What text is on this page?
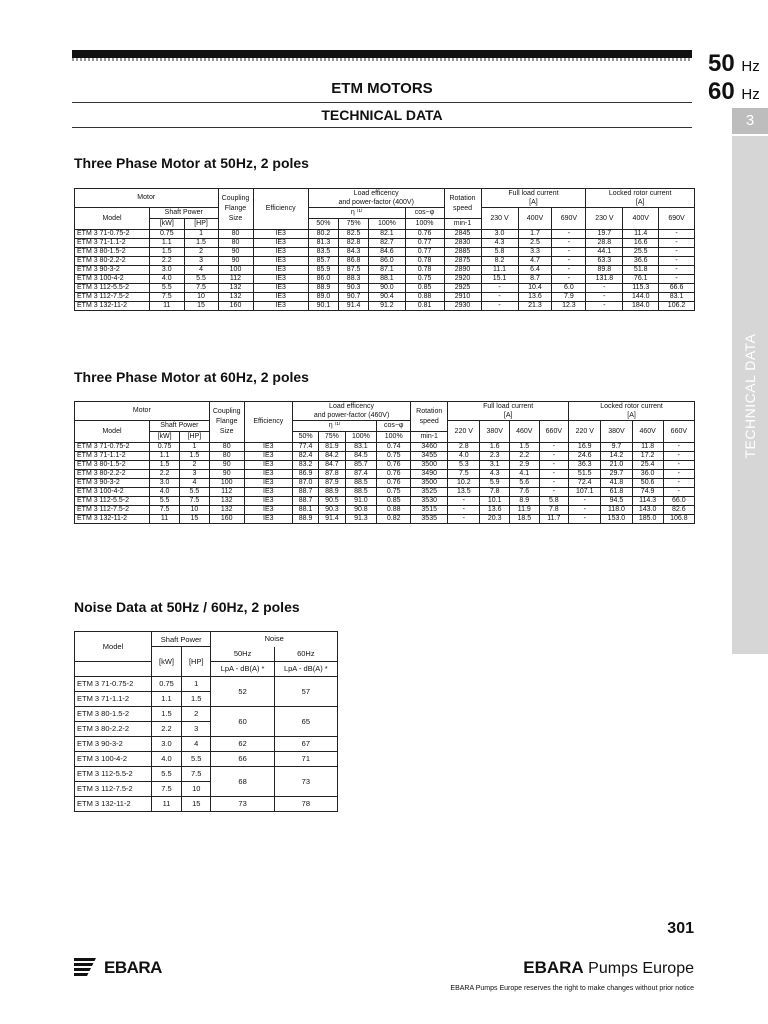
50 Hz
60 Hz
3
TECHNICAL DATA
ETM MOTORS
TECHNICAL DATA
Three Phase Motor at 50Hz, 2 poles
Motor			Coupling Flange Size	Efficiency	Load efficency
and power-factor (400V)				Rotation speed	Full load current
[A]			Locked rotor current
[A]		
Model	Shaft Power				η ⁽¹⁾			cos−φ		230 V	400V	690V	230 V	400V	690V
	[kW]	[HP]			50%	75%	100%	100%	min-1						
ETM 3 71-0.75-2	0.75	1	80	IE3	80.2	82.5	82.1	0.76	2845	3.0	1.7	-	19.7	11.4	-
ETM 3 71-1.1-2	1.1	1.5	80	IE3	81.3	82.8	82.7	0.77	2830	4.3	2.5	-	28.8	16.6	-
ETM 3 80-1.5-2	1.5	2	90	IE3	83.5	84.3	84.6	0.77	2885	5.8	3.3	-	44.1	25.5	-
ETM 3 80-2.2-2	2.2	3	90	IE3	85.7	86.8	86.0	0.78	2875	8.2	4.7	-	63.3	36.6	-
ETM 3 90-3-2	3.0	4	100	IE3	85.9	87.5	87.1	0.78	2890	11.1	6.4	-	89.8	51.8	-
ETM 3 100-4-2	4.0	5.5	112	IE3	86.0	88.3	88.1	0.75	2920	15.1	8.7	-	131.8	76.1	-
ETM 3 112-5.5-2	5.5	7.5	132	IE3	88.9	90.3	90.0	0.85	2925	-	10.4	6.0	-	115.3	66.6
ETM 3 112-7.5-2	7.5	10	132	IE3	89.0	90.7	90.4	0.88	2910	-	13.6	7.9	-	144.0	83.1
ETM 3 132-11-2	11	15	160	IE3	90.1	91.4	91.2	0.81	2930	-	21.3	12.3	-	184.0	106.2
Three Phase Motor at 60Hz, 2 poles
Motor			Coupling Flange Size	Efficiency	Load efficency
and power-factor (460V)				Rotation speed	Full load current
[A]				Locked rotor current
[A]			
Model	Shaft Power				η ⁽¹⁾			cos−φ		220 V	380V	460V	660V	220 V	380V	460V	660V
	[kW]	[HP]			50%	75%	100%	100%	min-1								
ETM 3 71-0.75-2	0.75	1	80	IE3	77.4	81.9	83.1	0.74	3460	2.8	1.6	1.5	-	16.9	9.7	11.8	-
ETM 3 71-1.1-2	1.1	1.5	80	IE3	82.4	84.2	84.5	0.75	3455	4.0	2.3	2.2	-	24.6	14.2	17.2	-
ETM 3 80-1.5-2	1.5	2	90	IE3	83.2	84.7	85.7	0.76	3500	5.3	3.1	2.9	-	36.3	21.0	25.4	-
ETM 3 80-2.2-2	2.2	3	90	IE3	86.9	87.8	87.4	0.76	3490	7.5	4.3	4.1	-	51.5	29.7	36.0	-
ETM 3 90-3-2	3.0	4	100	IE3	87.0	87.9	88.5	0.76	3500	10.2	5.9	5.6	-	72.4	41.8	50.6	-
ETM 3 100-4-2	4.0	5.5	112	IE3	88.7	88.9	88.5	0.75	3525	13.5	7.8	7.6	-	107.1	61.8	74.9	-
ETM 3 112-5.5-2	5.5	7.5	132	IE3	88.7	90.5	91.0	0.85	3530	-	10.1	8.9	5.8	-	94.5	114.3	66.0
ETM 3 112-7.5-2	7.5	10	132	IE3	88.1	90.3	90.8	0.88	3515	-	13.6	11.9	7.8	-	118.0	143.0	82.6
ETM 3 132-11-2	11	15	160	IE3	88.9	91.4	91.3	0.82	3535	-	20.3	18.5	11.7	-	153.0	185.0	106.8
Noise Data at 50Hz / 60Hz, 2 poles
Model	Shaft Power		Noise	
	[kW]	[HP]	50Hz	60Hz
			LpA - dB(A) *	LpA - dB(A) *
ETM 3 71-0.75-2	0.75	1	52	57
ETM 3 71-1.1-2	1.1	1.5		
ETM 3 80-1.5-2	1.5	2	60	65
ETM 3 80-2.2-2	2.2	3		
ETM 3 90-3-2	3.0	4	62	67
ETM 3 100-4-2	4.0	5.5	66	71
ETM 3 112-5.5-2	5.5	7.5	68	73
ETM 3 112-7.5-2	7.5	10		
ETM 3 132-11-2	11	15	73	78
301
EBARA	EBARA Pumps Europe
EBARA Pumps Europe reserves the right to make changes without prior notice
